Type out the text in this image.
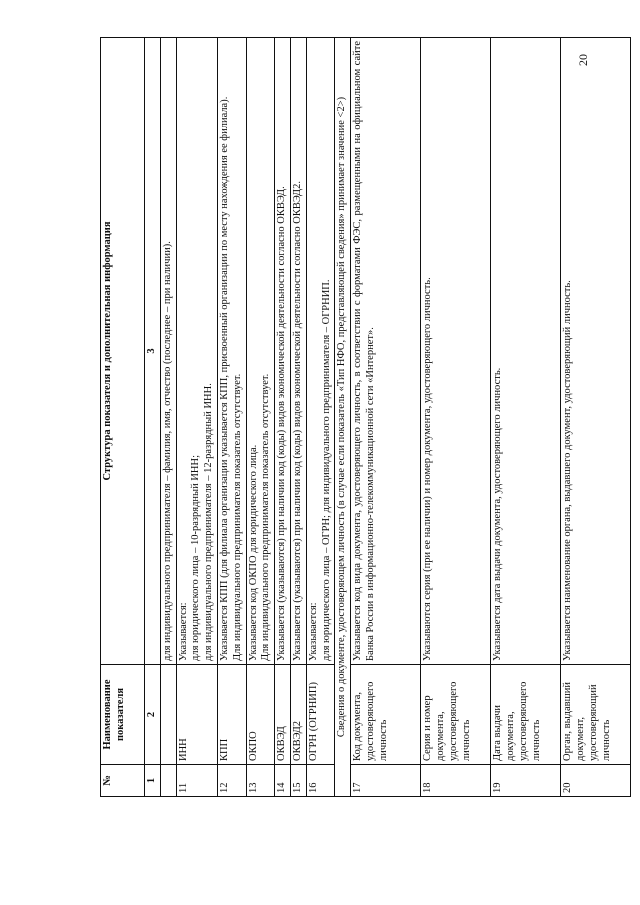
20
№	Наименование показателя	Структура показателя и дополнительная информация
1	2	3
		для индивидуального предпринимателя – фамилия, имя, отчество (последнее – при наличии).
11	ИНН	Указывается: для юридического лица – 10-разрядный ИНН; для индивидуального предпринимателя – 12-разрядный ИНН.

12	КПП	Указывается КПП (для филиала организации указывается КПП, присвоенный организации по месту нахождения ее филиала). Для индивидуального предпринимателя показатель отсутствует.

13	ОКПО	Указывается код ОКПО для юридического лица. Для индивидуального предпринимателя показатель отсутствует.

14	ОКВЭД	Указывается (указываются) при наличии код (коды) видов экономической деятельности согласно ОКВЭД.
15	ОКВЭД2	Указывается (указываются) при наличии код (коды) видов экономической деятельности согласно ОКВЭД2.
16	ОГРН (ОГРНИП)	Указывается: для юридического лица – ОГРН; для индивидуального предпринимателя – ОГРНИП.

Сведения о документе, удостоверяющем личность (в случае если показатель «Тип НФО, представляющей сведения» принимает значение <2>)		
17	Код документа, удостоверяющего личность	Указывается код вида документа, удостоверяющего личность, в соответствии с форматами ФЭС, размещенными на официальном сайте Банка России в информационно-телекоммуникационной сети «Интернет».
18	Серия и номер документа, удостоверяющего личность	Указываются серия (при ее наличии) и номер документа, удостоверяющего личность.
19	Дата выдачи документа, удостоверяющего личность	Указывается дата выдачи документа, удостоверяющего личность.
20	Орган, выдавший документ, удостоверяющий личность	Указывается наименование органа, выдавшего документ, удостоверяющий личность.
